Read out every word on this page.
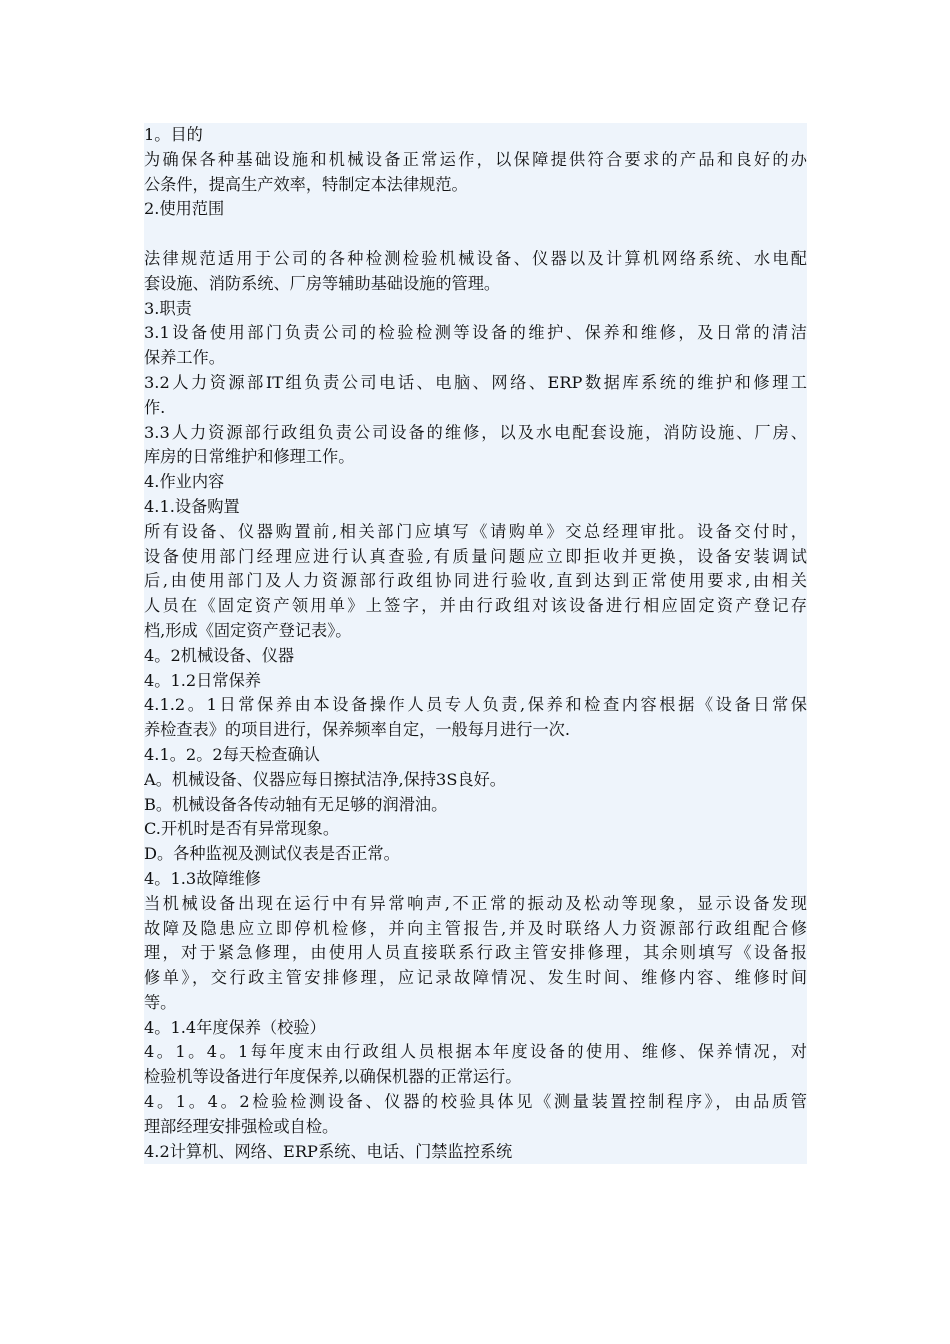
1。目的
为确保各种基础设施和机械设备正常运作，以保障提供符合要求的产品和良好的办
公条件，提高生产效率，特制定本法律规范。
2.使用范围
法律规范适用于公司的各种检测检验机械设备、仪器以及计算机网络系统、水电配
套设施、消防系统、厂房等辅助基础设施的管理。
3.职责
3.1设备使用部门负责公司的检验检测等设备的维护、保养和维修，及日常的清洁
保养工作。
3.2人力资源部IT组负责公司电话、电脑、网络、ERP数据库系统的维护和修理工
作.
3.3人力资源部行政组负责公司设备的维修，以及水电配套设施，消防设施、厂房、
库房的日常维护和修理工作。
4.作业内容
4.1.设备购置
所有设备、仪器购置前,相关部门应填写《请购单》交总经理审批。设备交付时，
设备使用部门经理应进行认真查验,有质量问题应立即拒收并更换，设备安装调试
后,由使用部门及人力资源部行政组协同进行验收,直到达到正常使用要求,由相关
人员在《固定资产领用单》上签字，并由行政组对该设备进行相应固定资产登记存
档,形成《固定资产登记表》。
4。2机械设备、仪器
4。1.2日常保养
4.1.2。1日常保养由本设备操作人员专人负责,保养和检查内容根据《设备日常保
养检查表》的项目进行，保养频率自定，一般每月进行一次.
4.1。2。2每天检查确认
A。机械设备、仪器应每日擦拭洁净,保持3S良好。
B。机械设备各传动轴有无足够的润滑油。
C.开机时是否有异常现象。
D。各种监视及测试仪表是否正常。
4。1.3故障维修
当机械设备出现在运行中有异常响声,不正常的振动及松动等现象，显示设备发现
故障及隐患应立即停机检修，并向主管报告,并及时联络人力资源部行政组配合修
理，对于紧急修理，由使用人员直接联系行政主管安排修理，其余则填写《设备报
修单》，交行政主管安排修理，应记录故障情况、发生时间、维修内容、维修时间
等。
4。1.4年度保养（校验）
4。1。4。1每年度末由行政组人员根据本年度设备的使用、维修、保养情况，对
检验机等设备进行年度保养,以确保机器的正常运行。
4。1。4。2检验检测设备、仪器的校验具体见《测量装置控制程序》，由品质管
理部经理安排强检或自检。
4.2计算机、网络、ERP系统、电话、门禁监控系统
